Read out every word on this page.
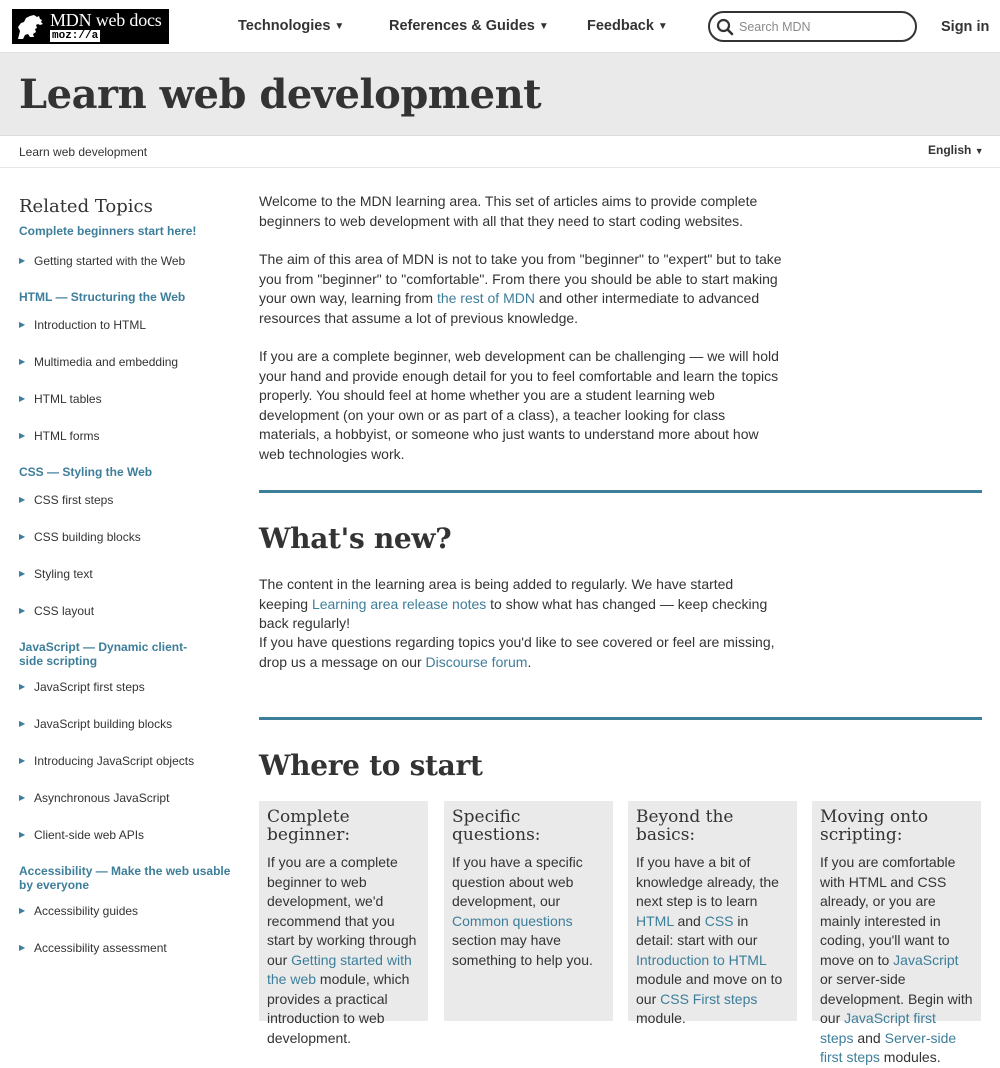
MDN web docs
moz://a
Technologies ▼	References & Guides ▼	Feedback ▼
Search MDN	Sign in
Learn web development
Learn web development	English ▼
Related Topics
Complete beginners start here!
▶ Getting started with the Web
HTML — Structuring the Web
▶ Introduction to HTML
▶ Multimedia and embedding
▶ HTML tables
▶ HTML forms
CSS — Styling the Web
▶ CSS first steps
▶ CSS building blocks
▶ Styling text
▶ CSS layout
JavaScript — Dynamic client-side scripting
▶ JavaScript first steps
▶ JavaScript building blocks
▶ Introducing JavaScript objects
▶ Asynchronous JavaScript
▶ Client-side web APIs
Accessibility — Make the web usable by everyone
▶ Accessibility guides
▶ Accessibility assessment

Welcome to the MDN learning area. This set of articles aims to provide complete beginners to web development with all that they need to start coding websites.

The aim of this area of MDN is not to take you from "beginner" to "expert" but to take you from "beginner" to "comfortable". From there you should be able to start making your own way, learning from the rest of MDN and other intermediate to advanced resources that assume a lot of previous knowledge.

If you are a complete beginner, web development can be challenging — we will hold your hand and provide enough detail for you to feel comfortable and learn the topics properly. You should feel at home whether you are a student learning web development (on your own or as part of a class), a teacher looking for class materials, a hobbyist, or someone who just wants to understand more about how web technologies work.

What's new?

The content in the learning area is being added to regularly. We have started keeping Learning area release notes to show what has changed — keep checking back regularly!

If you have questions regarding topics you'd like to see covered or feel are missing, drop us a message on our Discourse forum.

Where to start
Complete beginner:

If you are a complete beginner to web development, we'd recommend that you start by working through our Getting started with the web module, which provides a practical introduction to web development.

Specific questions:

If you have a specific question about web development, our Common questions section may have something to help you.

Beyond the basics:

If you have a bit of knowledge already, the next step is to learn HTML and CSS in detail: start with our Introduction to HTML module and move on to our CSS First steps module.

Moving onto scripting:

If you are comfortable with HTML and CSS already, or you are mainly interested in coding, you'll want to move on to JavaScript or server-side development. Begin with our JavaScript first steps and Server-side first steps modules.
